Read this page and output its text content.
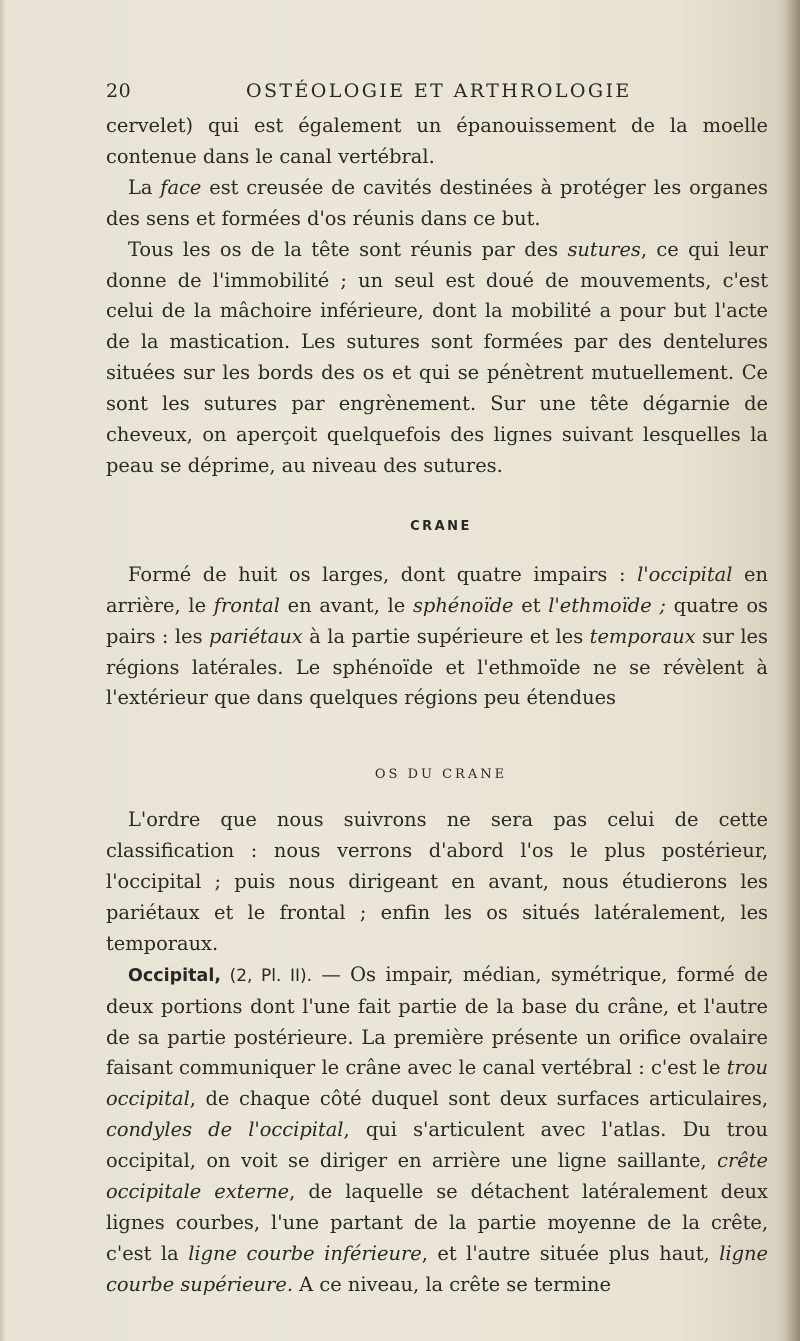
20	OSTÉOLOGIE ET ARTHROLOGIE

cervelet) qui est également un épanouissement de la moelle contenue dans le canal vertébral.

La face est creusée de cavités destinées à protéger les organes des sens et formées d'os réunis dans ce but.

Tous les os de la tête sont réunis par des sutures, ce qui leur donne de l'immobilité ; un seul est doué de mouvements, c'est celui de la mâchoire inférieure, dont la mobilité a pour but l'acte de la mastication. Les sutures sont formées par des dentelures situées sur les bords des os et qui se pénètrent mutuellement. Ce sont les sutures par engrènement. Sur une tête dégarnie de cheveux, on aperçoit quelquefois des lignes suivant lesquelles la peau se déprime, au niveau des sutures.

CRANE

Formé de huit os larges, dont quatre impairs : l'occipital en arrière, le frontal en avant, le sphénoïde et l'ethmoïde ; quatre os pairs : les pariétaux à la partie supérieure et les temporaux sur les régions latérales. Le sphénoïde et l'ethmoïde ne se révèlent à l'extérieur que dans quelques régions peu étendues

OS DU CRANE

L'ordre que nous suivrons ne sera pas celui de cette classification : nous verrons d'abord l'os le plus postérieur, l'occipital ; puis nous dirigeant en avant, nous étudierons les pariétaux et le frontal ; enfin les os situés latéralement, les temporaux.

Occipital, (2, Pl. II). — Os impair, médian, symétrique, formé de deux portions dont l'une fait partie de la base du crâne, et l'autre de sa partie postérieure. La première présente un orifice ovalaire faisant communiquer le crâne avec le canal vertébral : c'est le trou occipital, de chaque côté duquel sont deux surfaces articulaires, condyles de l'occipital, qui s'articulent avec l'atlas. Du trou occipital, on voit se diriger en arrière une ligne saillante, crête occipitale externe, de laquelle se détachent latéralement deux lignes courbes, l'une partant de la partie moyenne de la crête, c'est la ligne courbe inférieure, et l'autre située plus haut, ligne courbe supérieure. A ce niveau, la crête se termine
